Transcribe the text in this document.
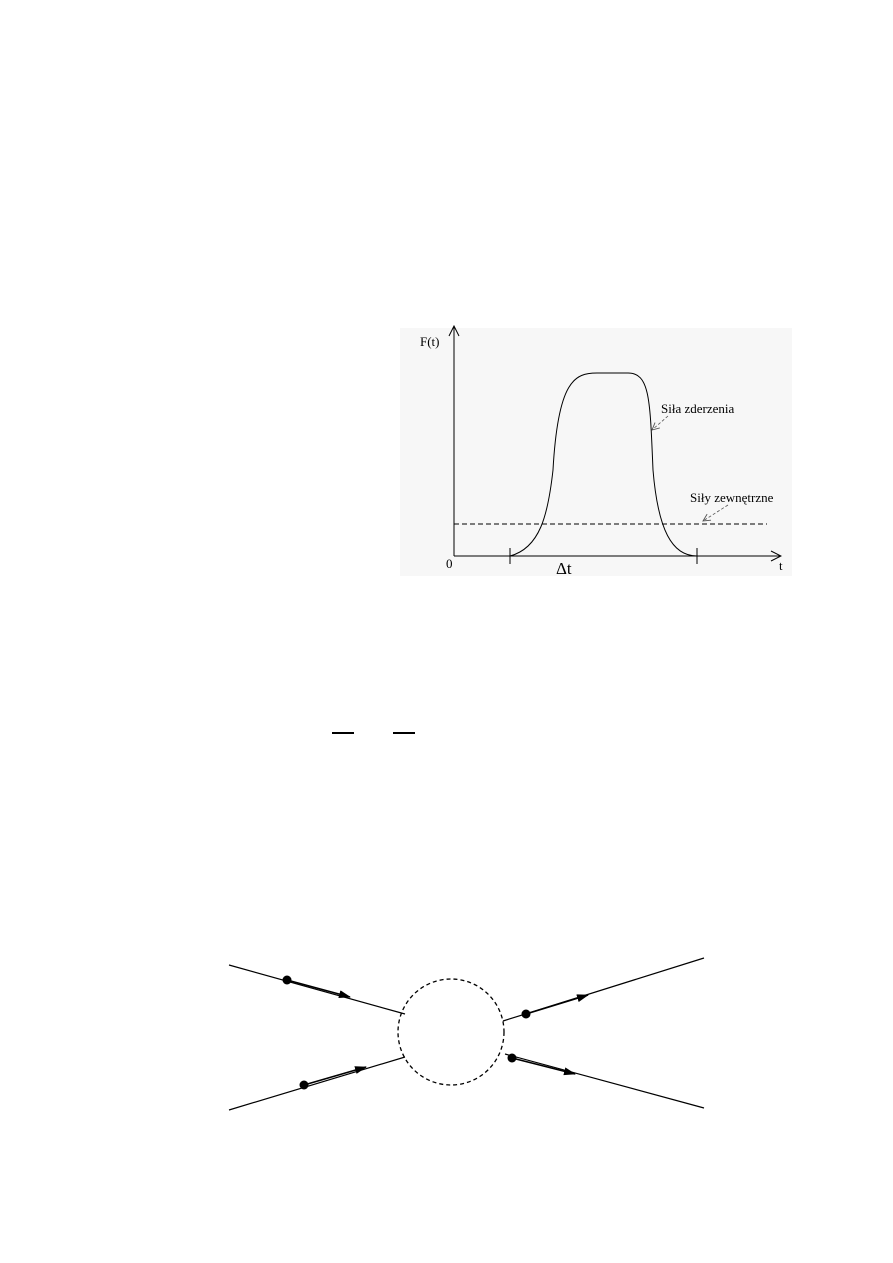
F(t)
t
0	Δt
Siła zderzenia
Siły zewnętrzne
